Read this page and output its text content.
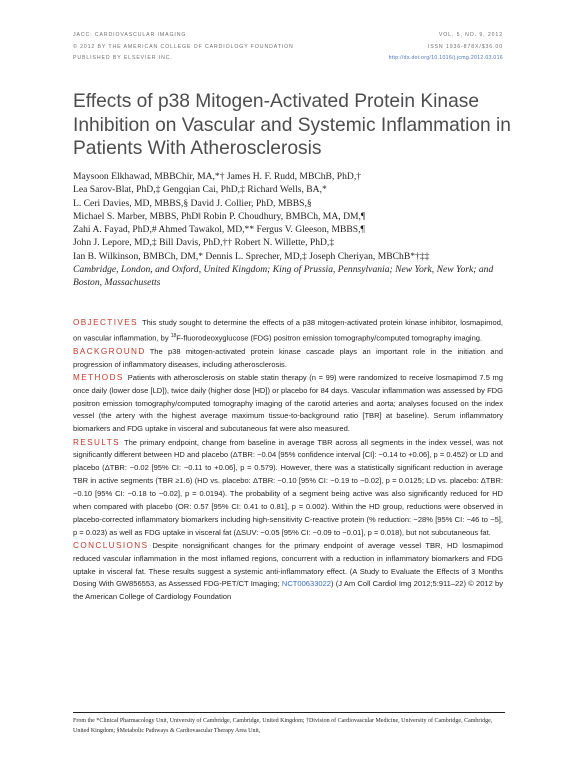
JACC: CARDIOVASCULAR IMAGING
© 2012 BY THE AMERICAN COLLEGE OF CARDIOLOGY FOUNDATION
PUBLISHED BY ELSEVIER INC.
VOL. 5, NO. 9, 2012
ISSN 1936-878X/$36.00
http://dx.doi.org/10.1016/j.jcmg.2012.03.016
Effects of p38 Mitogen-Activated Protein Kinase Inhibition on Vascular and Systemic Inflammation in Patients With Atherosclerosis
Maysoon Elkhawad, MBBChir, MA,*† James H. F. Rudd, MBChB, PhD,†
Lea Sarov-Blat, PhD,‡ Gengqian Cai, PhD,‡ Richard Wells, BA,*
L. Ceri Davies, MD, MBBS,§ David J. Collier, PhD, MBBS,§
Michael S. Marber, MBBS, PhD‖ Robin P. Choudhury, BMBCh, MA, DM,¶
Zahi A. Fayad, PhD,# Ahmed Tawakol, MD,** Fergus V. Gleeson, MBBS,¶
John J. Lepore, MD,‡ Bill Davis, PhD,†† Robert N. Willette, PhD,‡
Ian B. Wilkinson, BMBCh, DM,* Dennis L. Sprecher, MD,‡ Joseph Cheriyan, MBChB*†‡‡
Cambridge, London, and Oxford, United Kingdom; King of Prussia, Pennsylvania; New York, New York; and Boston, Massachusetts

OBJECTIVES This study sought to determine the effects of a p38 mitogen-activated protein kinase inhibitor, losmapimod, on vascular inflammation, by $^{18}$F-fluorodeoxyglucose (FDG) positron emission tomography/computed tomography imaging.

BACKGROUND The p38 mitogen-activated protein kinase cascade plays an important role in the initiation and progression of inflammatory diseases, including atherosclerosis.

METHODS Patients with atherosclerosis on stable statin therapy (n = 99) were randomized to receive losmapimod 7.5 mg once daily (lower dose [LD]), twice daily (higher dose [HD]) or placebo for 84 days. Vascular inflammation was assessed by FDG positron emission tomography/computed tomography imaging of the carotid arteries and aorta; analyses focused on the index vessel (the artery with the highest average maximum tissue-to-background ratio [TBR] at baseline). Serum inflammatory biomarkers and FDG uptake in visceral and subcutaneous fat were also measured.

RESULTS The primary endpoint, change from baseline in average TBR across all segments in the index vessel, was not significantly different between HD and placebo (ΔTBR: −0.04 [95% confidence interval [CI]: −0.14 to +0.06], p = 0.452) or LD and placebo (ΔTBR: −0.02 [95% CI: −0.11 to +0.06], p = 0.579). However, there was a statistically significant reduction in average TBR in active segments (TBR ≥1.6) (HD vs. placebo: ΔTBR: −0.10 [95% CI: −0.19 to −0.02], p = 0.0125; LD vs. placebo: ΔTBR: −0.10 [95% CI: −0.18 to −0.02], p = 0.0194). The probability of a segment being active was also significantly reduced for HD when compared with placebo (OR: 0.57 [95% CI: 0.41 to 0.81], p = 0.002). Within the HD group, reductions were observed in placebo-corrected inflammatory biomarkers including high-sensitivity C-reactive protein (% reduction: −28% [95% CI: −46 to −5], p = 0.023) as well as FDG uptake in visceral fat (ΔSUV: −0.05 [95% CI: −0.09 to −0.01], p = 0.018), but not subcutaneous fat.

CONCLUSIONS Despite nonsignificant changes for the primary endpoint of average vessel TBR, HD losmapimod reduced vascular inflammation in the most inflamed regions, concurrent with a reduction in inflammatory biomarkers and FDG uptake in visceral fat. These results suggest a systemic anti-inflammatory effect. (A Study to Evaluate the Effects of 3 Months Dosing With GW856553, as Assessed FDG-PET/CT Imaging; NCT00633022) (J Am Coll Cardiol Img 2012;5:911–22) © 2012 by the American College of Cardiology Foundation

From the *Clinical Pharmacology Unit, University of Cambridge, Cambridge, United Kingdom; †Division of Cardiovascular Medicine, University of Cambridge, Cambridge, United Kingdom; §Metabolic Pathways & Cardiovascular Therapy Area Unit,
